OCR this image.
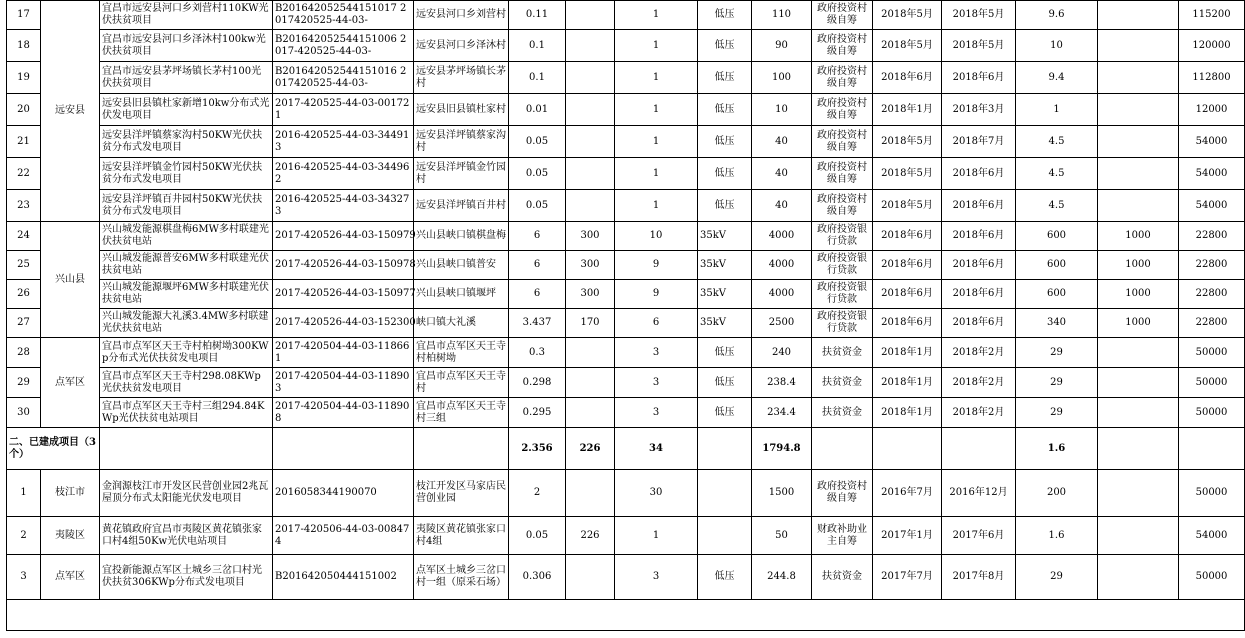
17	远安县	宜昌市远安县河口乡刘营村110KW光伏扶贫项目	B201642052544151017 2017420525-44-03-	远安县河口乡刘营村	0.11		1	低压	110	政府投资村级自筹	2018年5月	2018年5月	9.6		115200
18		宜昌市远安县河口乡泽沐村100kw光伏扶贫项目	B201642052544151006 2017-420525-44-03-	远安县河口乡泽沐村	0.1		1	低压	90	政府投资村级自筹	2018年5月	2018年5月	10		120000
19		宜昌市远安县茅坪场镇长茅村100光伏扶贫项目	B201642052544151016 2017420525-44-03-	远安县茅坪场镇长茅村	0.1		1	低压	100	政府投资村级自筹	2018年6月	2018年6月	9.4		112800
20		远安县旧县镇杜家新增10kw分布式光伏发电项目	2017-420525-44-03-001721	远安县旧县镇杜家村	0.01		1	低压	10	政府投资村级自筹	2018年1月	2018年3月	1		12000
21		远安县洋坪镇蔡家沟村50KW光伏扶贫分布式发电项目	2016-420525-44-03-344913	远安县洋坪镇蔡家沟村	0.05		1	低压	40	政府投资村级自筹	2018年5月	2018年7月	4.5		54000
22		远安县洋坪镇金竹园村50KW光伏扶贫分布式发电项目	2016-420525-44-03-344962	远安县洋坪镇金竹园村	0.05		1	低压	40	政府投资村级自筹	2018年5月	2018年6月	4.5		54000
23		远安县洋坪镇百井园村50KW光伏扶贫分布式发电项目	2016-420525-44-03-343273	远安县洋坪镇百井村	0.05		1	低压	40	政府投资村级自筹	2018年5月	2018年6月	4.5		54000
24	兴山县	兴山城发能源棋盘梅6MW多村联建光伏扶贫电站	2017-420526-44-03-150979	兴山县峡口镇棋盘梅	6	300	10	35kV	4000	政府投资银行贷款	2018年6月	2018年6月	600	1000	22800
25		兴山城发能源普安6MW多村联建光伏扶贫电站	2017-420526-44-03-150978	兴山县峡口镇普安	6	300	9	35kV	4000	政府投资银行贷款	2018年6月	2018年6月	600	1000	22800
26		兴山城发能源堰坪6MW多村联建光伏扶贫电站	2017-420526-44-03-150977	兴山县峡口镇堰坪	6	300	9	35kV	4000	政府投资银行贷款	2018年6月	2018年6月	600	1000	22800
27		兴山城发能源大礼溪3.4MW多村联建光伏扶贫电站	2017-420526-44-03-152300	峡口镇大礼溪	3.437	170	6	35kV	2500	政府投资银行贷款	2018年6月	2018年6月	340	1000	22800
28	点军区	宜昌市点军区天王寺村柏树坳300KWp分布式光伏扶贫发电项目	2017-420504-44-03-118661	宜昌市点军区天王寺村柏树坳	0.3		3	低压	240	扶贫资金	2018年1月	2018年2月	29		50000
29		宜昌市点军区天王寺村298.08KWp光伏扶贫发电项目	2017-420504-44-03-118903	宜昌市点军区天王寺村	0.298		3	低压	238.4	扶贫资金	2018年1月	2018年2月	29		50000
30		宜昌市点军区天王寺村三组294.84KWp光伏扶贫电站项目	2017-420504-44-03-118908	宜昌市点军区天王寺村三组	0.295		3	低压	234.4	扶贫资金	2018年1月	2018年2月	29		50000
二、已建成项目（3个）					2.356	226	34		1794.8				1.6		
1	枝江市	金润源枝江市开发区民营创业园2兆瓦屋顶分布式太阳能光伏发电项目	2016058344190070	枝江开发区马家店民营创业园	2		30		1500	政府投资村级自筹	2016年7月	2016年12月	200		50000
2	夷陵区	黄花镇政府宜昌市夷陵区黄花镇张家口村4组50Kw光伏电站项目	2017-420506-44-03-008474	夷陵区黄花镇张家口村4组	0.05	226	1		50	财政补助业主自筹	2017年1月	2017年6月	1.6		54000
3	点军区	宜投新能源点军区土城乡三岔口村光伏扶贫306KWp分布式发电项目	B201642050444151002	点军区土城乡三岔口村一组（原采石场）	0.306		3	低压	244.8	扶贫资金	2017年7月	2017年8月	29		50000
